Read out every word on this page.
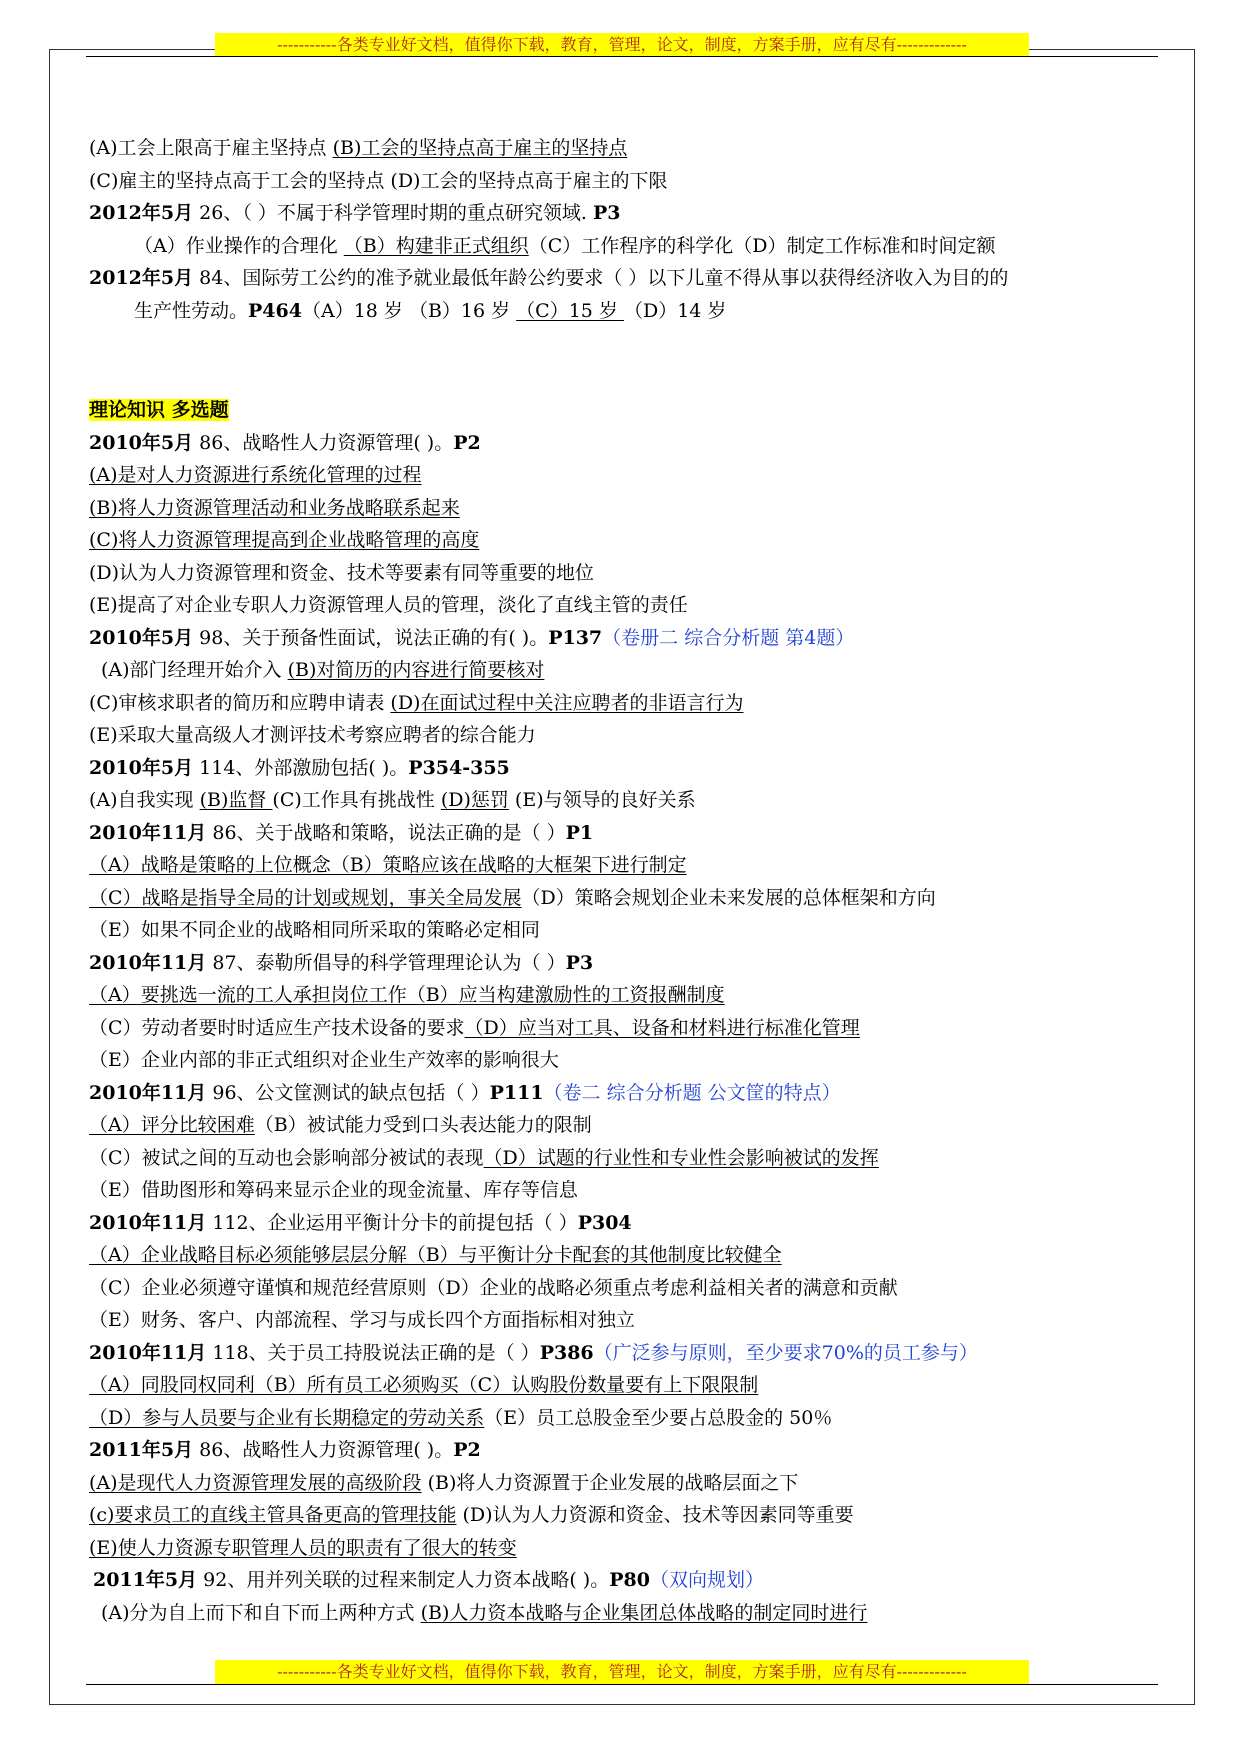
-----------各类专业好文档，值得你下载，教育，管理，论文，制度，方案手册，应有尽有-------------
(A)工会上限高于雇主坚持点 (B)工会的坚持点高于雇主的坚持点
(C)雇主的坚持点高于工会的坚持点 (D)工会的坚持点高于雇主的下限
2012年5月 26、（ ）不属于科学管理时期的重点研究领域. P3
（A）作业操作的合理化 （B）构建非正式组织（C）工作程序的科学化（D）制定工作标准和时间定额
2012年5月 84、国际劳工公约的准予就业最低年龄公约要求（ ）以下儿童不得从事以获得经济收入为目的的
生产性劳动。P464（A）18 岁 （B）16 岁 （C）15 岁 （D）14 岁
理论知识 多选题
2010年5月 86、战略性人力资源管理( )。P2
(A)是对人力资源进行系统化管理的过程
(B)将人力资源管理活动和业务战略联系起来
(C)将人力资源管理提高到企业战略管理的高度
(D)认为人力资源管理和资金、技术等要素有同等重要的地位
(E)提高了对企业专职人力资源管理人员的管理，淡化了直线主管的责任
2010年5月 98、关于预备性面试，说法正确的有( )。P137（卷册二 综合分析题 第4题）
(A)部门经理开始介入 (B)对简历的内容进行简要核对
(C)审核求职者的简历和应聘申请表 (D)在面试过程中关注应聘者的非语言行为
(E)采取大量高级人才测评技术考察应聘者的综合能力
2010年5月 114、外部激励包括( )。P354-355
(A)自我实现 (B)监督 (C)工作具有挑战性 (D)惩罚 (E)与领导的良好关系
2010年11月 86、关于战略和策略，说法正确的是（ ）P1
（A）战略是策略的上位概念（B）策略应该在战略的大框架下进行制定
（C）战略是指导全局的计划或规划，事关全局发展（D）策略会规划企业未来发展的总体框架和方向
（E）如果不同企业的战略相同所采取的策略必定相同
2010年11月 87、泰勒所倡导的科学管理理论认为（ ）P3
（A）要挑选一流的工人承担岗位工作（B）应当构建激励性的工资报酬制度
（C）劳动者要时时适应生产技术设备的要求（D）应当对工具、设备和材料进行标准化管理
（E）企业内部的非正式组织对企业生产效率的影响很大
2010年11月 96、公文筐测试的缺点包括（ ）P111（卷二 综合分析题 公文筐的特点）
（A）评分比较困难（B）被试能力受到口头表达能力的限制
（C）被试之间的互动也会影响部分被试的表现（D）试题的行业性和专业性会影响被试的发挥
（E）借助图形和筹码来显示企业的现金流量、库存等信息
2010年11月 112、企业运用平衡计分卡的前提包括（ ）P304
（A）企业战略目标必须能够层层分解（B）与平衡计分卡配套的其他制度比较健全
（C）企业必须遵守谨慎和规范经营原则（D）企业的战略必须重点考虑利益相关者的满意和贡献
（E）财务、客户、内部流程、学习与成长四个方面指标相对独立
2010年11月 118、关于员工持股说法正确的是（ ）P386（广泛参与原则，至少要求70%的员工参与）
（A）同股同权同利（B）所有员工必须购买（C）认购股份数量要有上下限限制
（D）参与人员要与企业有长期稳定的劳动关系（E）员工总股金至少要占总股金的 50％
2011年5月 86、战略性人力资源管理( )。P2
(A)是现代人力资源管理发展的高级阶段 (B)将人力资源置于企业发展的战略层面之下
(c)要求员工的直线主管具备更高的管理技能 (D)认为人力资源和资金、技术等因素同等重要
(E)使人力资源专职管理人员的职责有了很大的转变
2011年5月 92、用并列关联的过程来制定人力资本战略( )。P80（双向规划）
(A)分为自上而下和自下而上两种方式 (B)人力资本战略与企业集团总体战略的制定同时进行
-----------各类专业好文档，值得你下载，教育，管理，论文，制度，方案手册，应有尽有-------------
